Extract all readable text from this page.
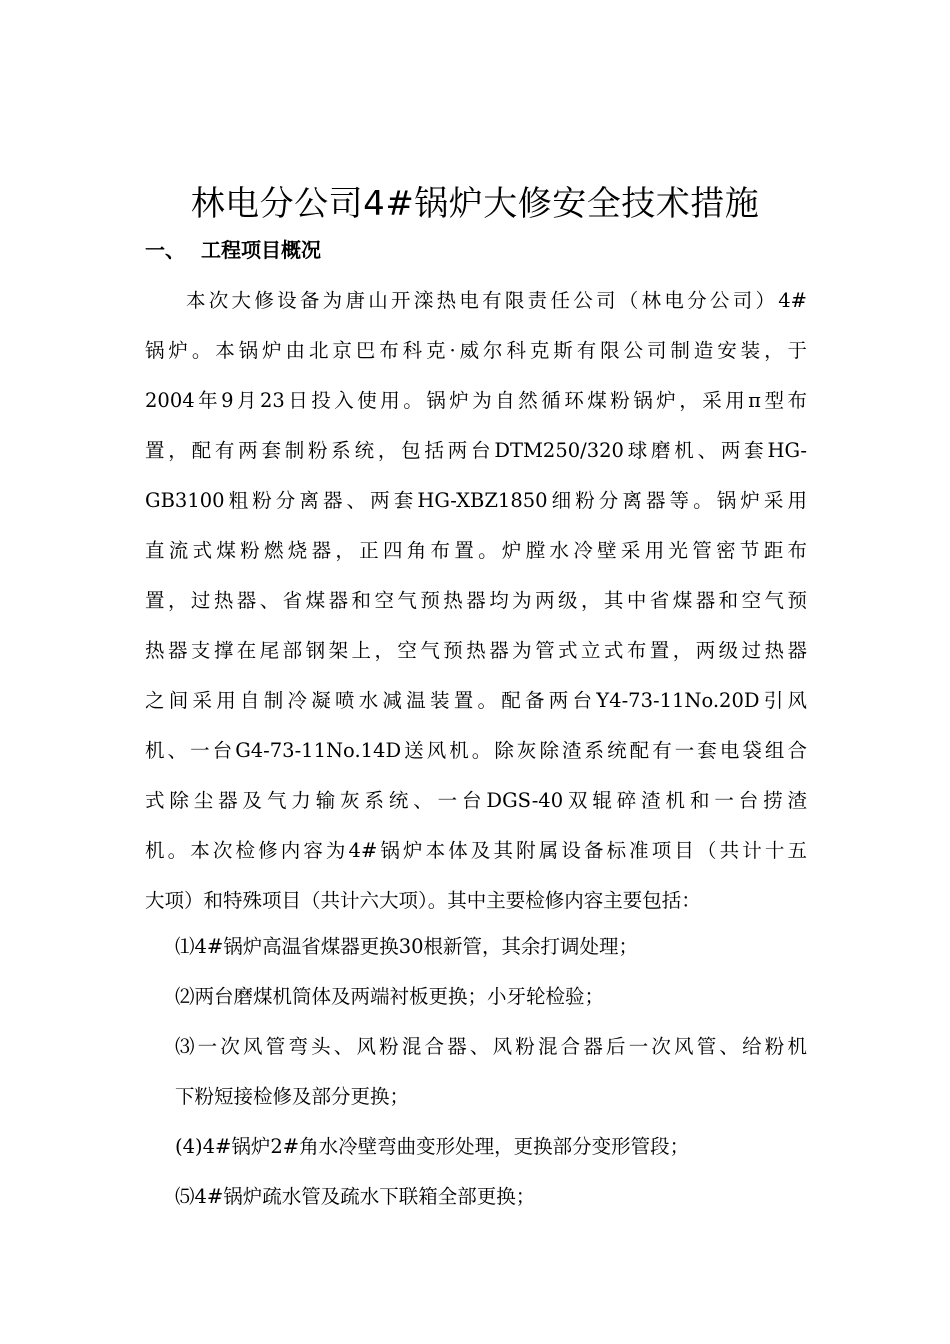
林电分公司4#锅炉大修安全技术措施
一、 工程项目概况
本次大修设备为唐山开滦热电有限责任公司（林电分公司）4#
锅炉。本锅炉由北京巴布科克·威尔科克斯有限公司制造安装，于
2004年9月23日投入使用。锅炉为自然循环煤粉锅炉，采用π型布
置，配有两套制粉系统，包括两台DTM250/320球磨机、两套HG-
GB3100粗粉分离器、两套HG-XBZ1850细粉分离器等。锅炉采用
直流式煤粉燃烧器，正四角布置。炉膛水冷壁采用光管密节距布
置，过热器、省煤器和空气预热器均为两级，其中省煤器和空气预
热器支撑在尾部钢架上，空气预热器为管式立式布置，两级过热器
之间采用自制冷凝喷水减温装置。配备两台Y4-73-11No.20D引风
机、一台G4-73-11No.14D送风机。除灰除渣系统配有一套电袋组合
式除尘器及气力输灰系统、一台DGS-40双辊碎渣机和一台捞渣
机。本次检修内容为4#锅炉本体及其附属设备标准项目（共计十五
大项）和特殊项目（共计六大项）。其中主要检修内容主要包括：
⑴4#锅炉高温省煤器更换30根新管，其余打调处理；
⑵两台磨煤机筒体及两端衬板更换；小牙轮检验；
⑶一次风管弯头、风粉混合器、风粉混合器后一次风管、给粉机
下粉短接检修及部分更换；
(4)4#锅炉2#角水冷壁弯曲变形处理，更换部分变形管段；
⑸4#锅炉疏水管及疏水下联箱全部更换；
